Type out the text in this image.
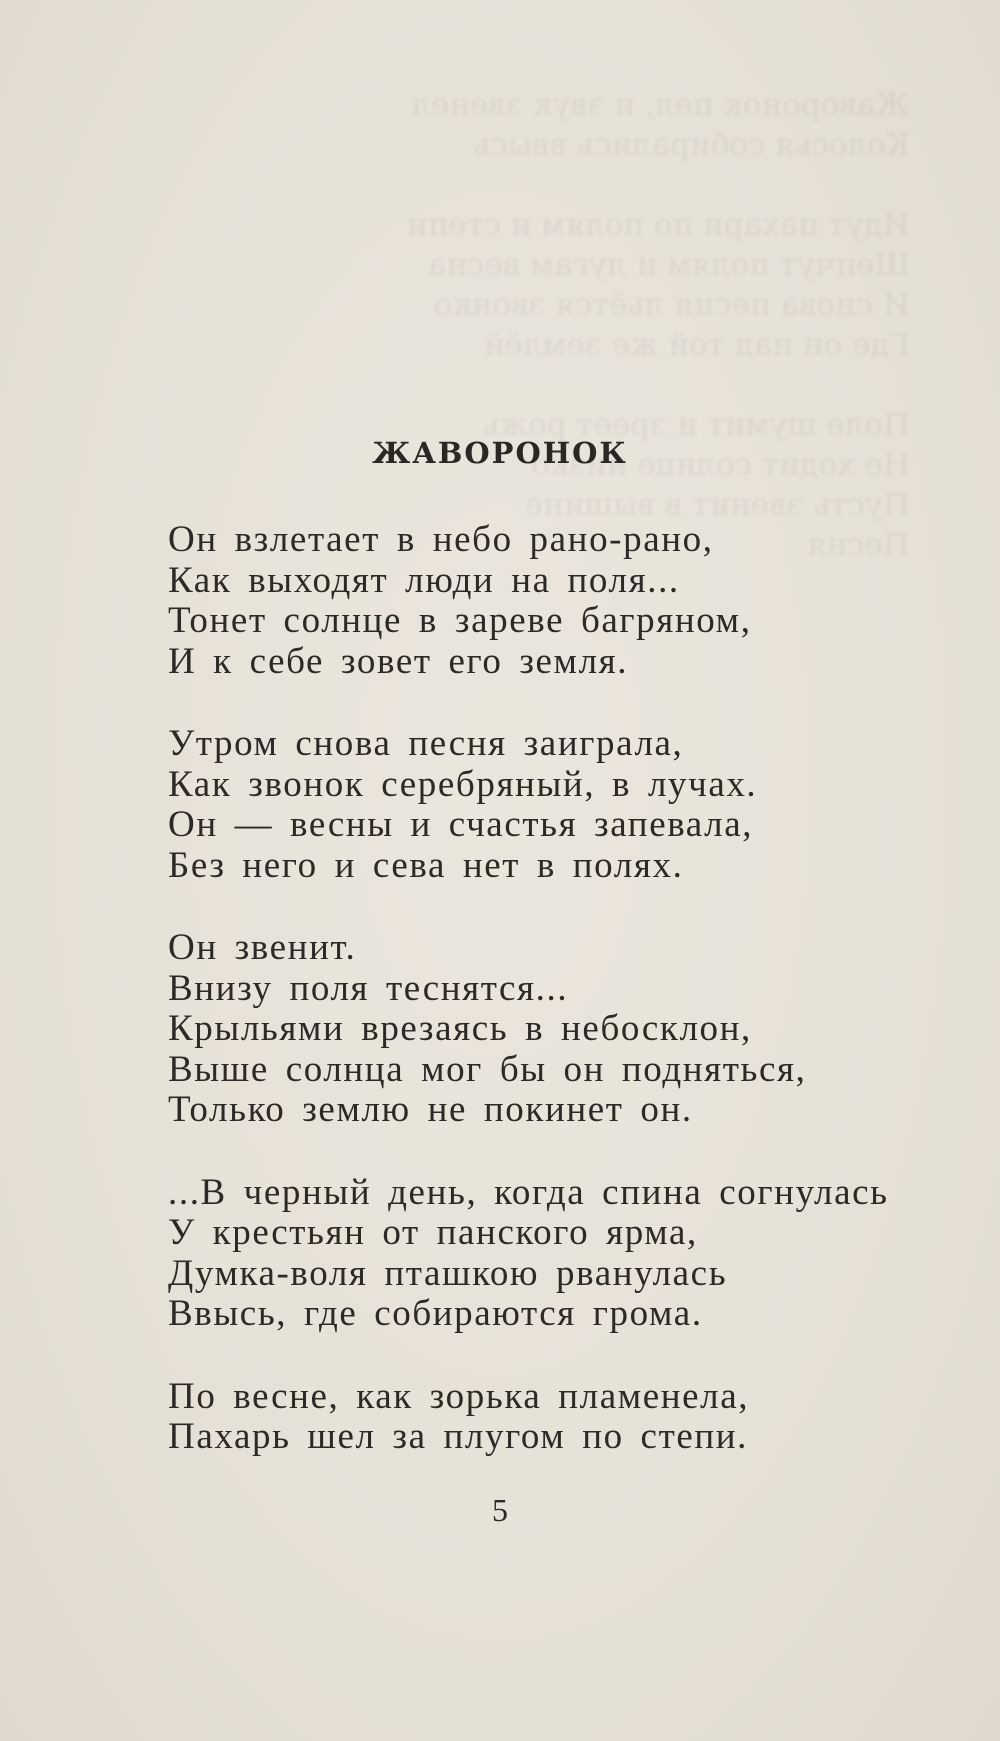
Жаворонок пел, и звук звенел
Колосья собирались ввысь

Идут пахари по полям и степи
Шепчут полям и лугам весна
И снова песня льётся звонко
Где он над той же землёй

Поле шумит и зреет рожь
Не ходит солнце низко
Пусть звенит в вышине
Песня
ЖАВОРОНОК
Он взлетает в небо рано-рано,
Как выходят люди на поля...
Тонет солнце в зареве багряном,
И к себе зовет его земля.
Утром снова песня заиграла,
Как звонок серебряный, в лучах.
Он — весны и счастья запевала,
Без него и сева нет в полях.
Он звенит.
Внизу поля теснятся...
Крыльями врезаясь в небосклон,
Выше солнца мог бы он подняться,
Только землю не покинет он.
...В черный день, когда спина согнулась
У крестьян от панского ярма,
Думка-воля пташкою рванулась
Ввысь, где собираются грома.
По весне, как зорька пламенела,
Пахарь шел за плугом по степи.
5
